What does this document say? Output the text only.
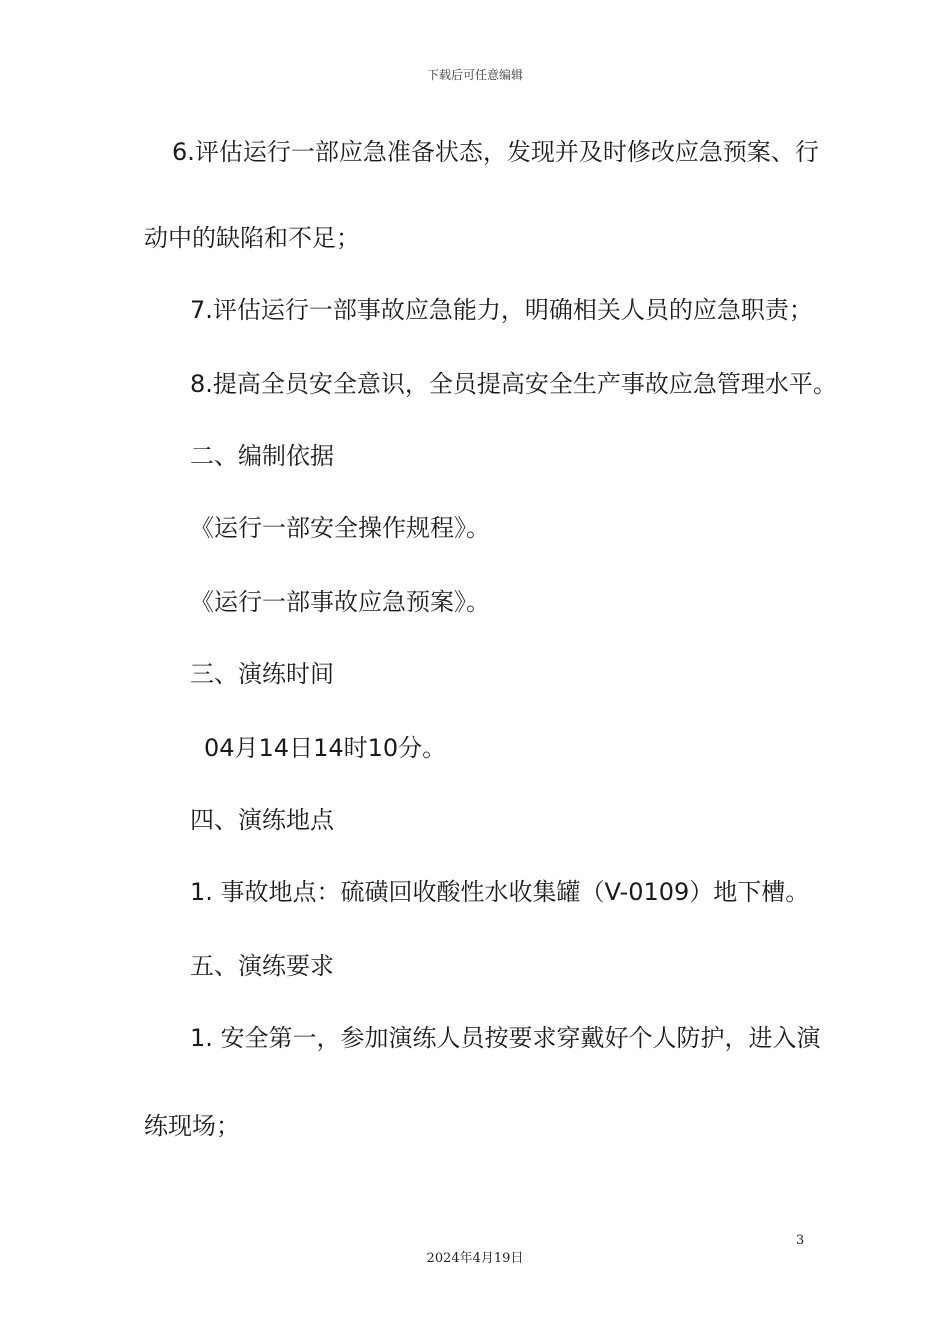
下载后可任意编辑
6.评估运行一部应急准备状态，发现并及时修改应急预案、行
动中的缺陷和不足；
7.评估运行一部事故应急能力，明确相关人员的应急职责；
8.提高全员安全意识，全员提高安全生产事故应急管理水平。
二、编制依据
《运行一部安全操作规程》。
《运行一部事故应急预案》。
三、演练时间
04月14日14时10分。
四、演练地点
1. 事故地点：硫磺回收酸性水收集罐（V-0109）地下槽。
五、演练要求
1. 安全第一，参加演练人员按要求穿戴好个人防护，进入演
练现场；
3
2024年4月19日
